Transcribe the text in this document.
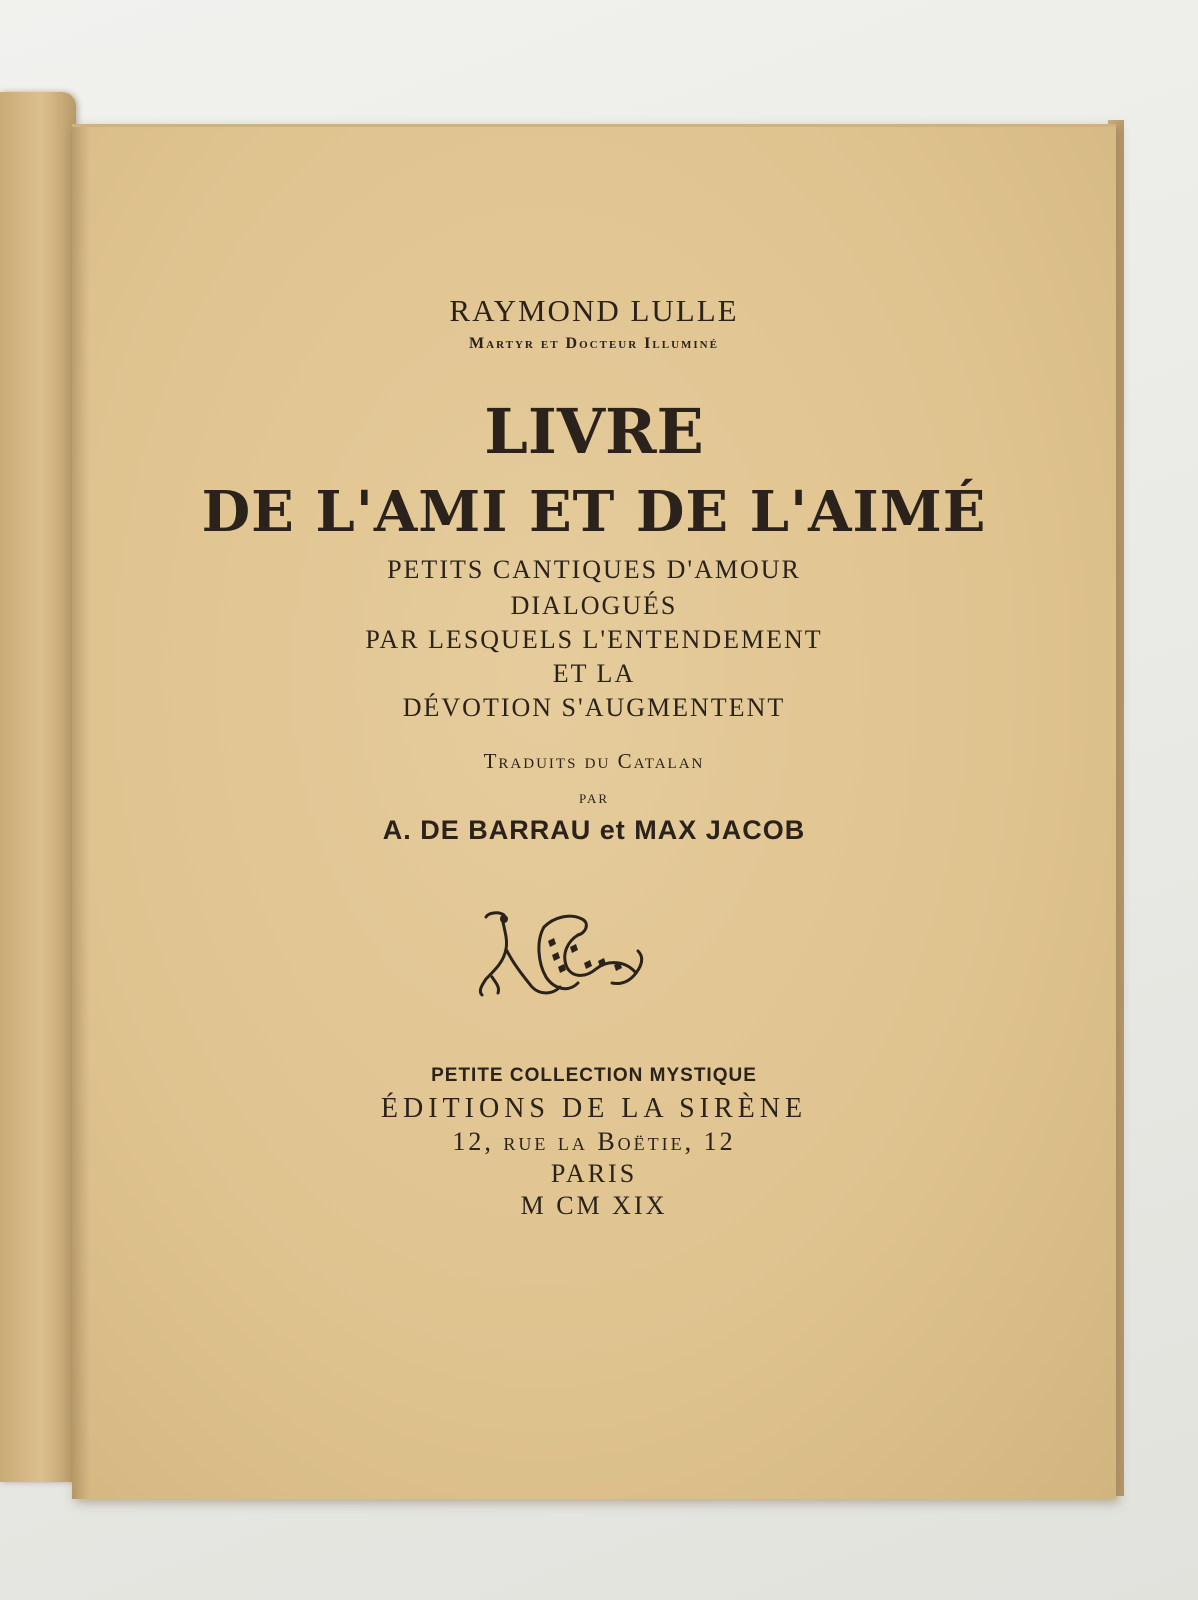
RAYMOND LULLE
Martyr et Docteur Illuminé
LIVRE
DE L'AMI ET DE L'AIMÉ
PETITS CANTIQUES D'AMOUR
DIALOGUÉS
PAR LESQUELS L'ENTENDEMENT
ET LA
DÉVOTION S'AUGMENTENT
Traduits du Catalan
par
A. DE BARRAU et MAX JACOB
PETITE COLLECTION MYSTIQUE
ÉDITIONS DE LA SIRÈNE
12, rue la Boëtie, 12
PARIS
M CM XIX
